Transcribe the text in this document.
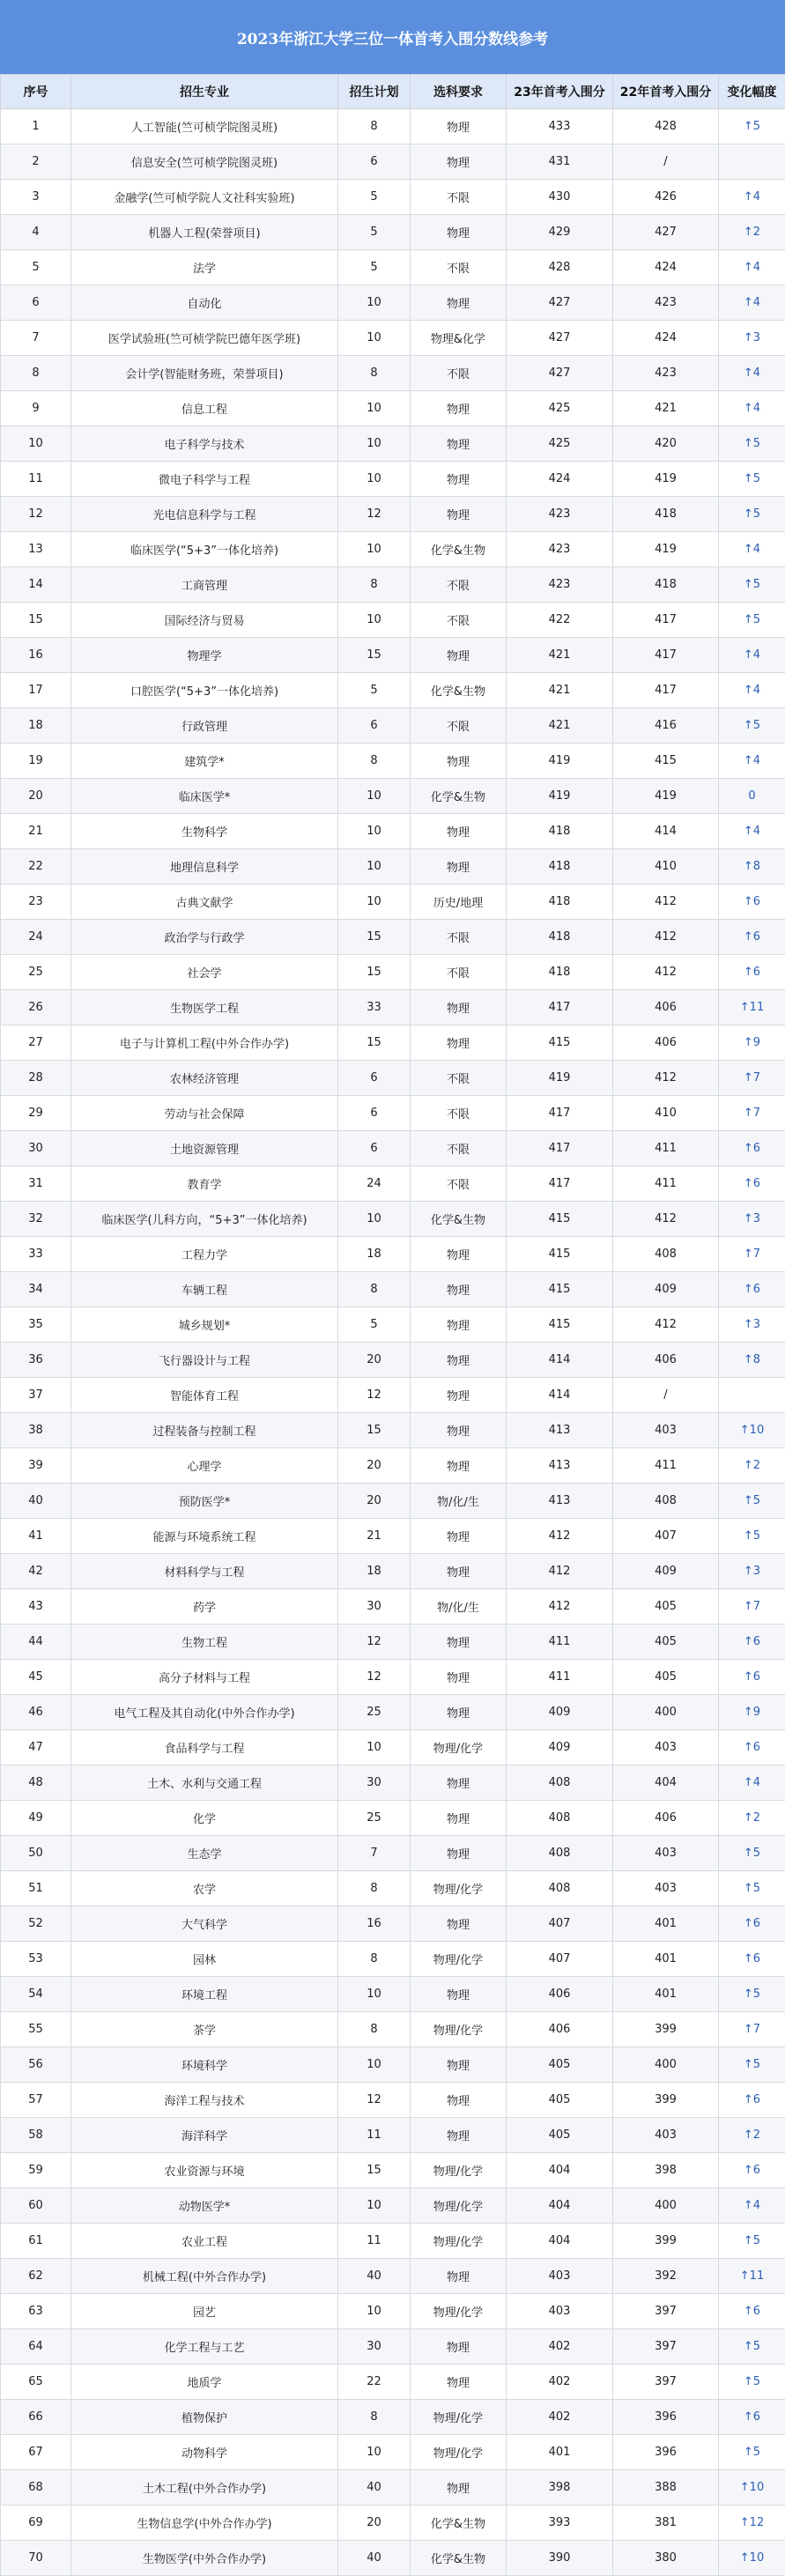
2023年浙江大学三位一体首考入围分数线参考
序号	招生专业	招生计划	选科要求	23年首考入围分	22年首考入围分	变化幅度
1	人工智能(竺可桢学院图灵班)	8	物理	433	428	↑5
2	信息安全(竺可桢学院图灵班)	6	物理	431	/	
3	金融学(竺可桢学院人文社科实验班)	5	不限	430	426	↑4
4	机器人工程(荣誉项目)	5	物理	429	427	↑2
5	法学	5	不限	428	424	↑4
6	自动化	10	物理	427	423	↑4
7	医学试验班(竺可桢学院巴德年医学班)	10	物理&化学	427	424	↑3
8	会计学(智能财务班，荣誉项目)	8	不限	427	423	↑4
9	信息工程	10	物理	425	421	↑4
10	电子科学与技术	10	物理	425	420	↑5
11	微电子科学与工程	10	物理	424	419	↑5
12	光电信息科学与工程	12	物理	423	418	↑5
13	临床医学(“5+3”一体化培养)	10	化学&生物	423	419	↑4
14	工商管理	8	不限	423	418	↑5
15	国际经济与贸易	10	不限	422	417	↑5
16	物理学	15	物理	421	417	↑4
17	口腔医学(“5+3”一体化培养)	5	化学&生物	421	417	↑4
18	行政管理	6	不限	421	416	↑5
19	建筑学*	8	物理	419	415	↑4
20	临床医学*	10	化学&生物	419	419	0
21	生物科学	10	物理	418	414	↑4
22	地理信息科学	10	物理	418	410	↑8
23	古典文献学	10	历史/地理	418	412	↑6
24	政治学与行政学	15	不限	418	412	↑6
25	社会学	15	不限	418	412	↑6
26	生物医学工程	33	物理	417	406	↑11
27	电子与计算机工程(中外合作办学)	15	物理	415	406	↑9
28	农林经济管理	6	不限	419	412	↑7
29	劳动与社会保障	6	不限	417	410	↑7
30	土地资源管理	6	不限	417	411	↑6
31	教育学	24	不限	417	411	↑6
32	临床医学(儿科方向，“5+3”一体化培养)	10	化学&生物	415	412	↑3
33	工程力学	18	物理	415	408	↑7
34	车辆工程	8	物理	415	409	↑6
35	城乡规划*	5	物理	415	412	↑3
36	飞行器设计与工程	20	物理	414	406	↑8
37	智能体育工程	12	物理	414	/	
38	过程装备与控制工程	15	物理	413	403	↑10
39	心理学	20	物理	413	411	↑2
40	预防医学*	20	物/化/生	413	408	↑5
41	能源与环境系统工程	21	物理	412	407	↑5
42	材料科学与工程	18	物理	412	409	↑3
43	药学	30	物/化/生	412	405	↑7
44	生物工程	12	物理	411	405	↑6
45	高分子材料与工程	12	物理	411	405	↑6
46	电气工程及其自动化(中外合作办学)	25	物理	409	400	↑9
47	食品科学与工程	10	物理/化学	409	403	↑6
48	土木、水利与交通工程	30	物理	408	404	↑4
49	化学	25	物理	408	406	↑2
50	生态学	7	物理	408	403	↑5
51	农学	8	物理/化学	408	403	↑5
52	大气科学	16	物理	407	401	↑6
53	园林	8	物理/化学	407	401	↑6
54	环境工程	10	物理	406	401	↑5
55	茶学	8	物理/化学	406	399	↑7
56	环境科学	10	物理	405	400	↑5
57	海洋工程与技术	12	物理	405	399	↑6
58	海洋科学	11	物理	405	403	↑2
59	农业资源与环境	15	物理/化学	404	398	↑6
60	动物医学*	10	物理/化学	404	400	↑4
61	农业工程	11	物理/化学	404	399	↑5
62	机械工程(中外合作办学)	40	物理	403	392	↑11
63	园艺	10	物理/化学	403	397	↑6
64	化学工程与工艺	30	物理	402	397	↑5
65	地质学	22	物理	402	397	↑5
66	植物保护	8	物理/化学	402	396	↑6
67	动物科学	10	物理/化学	401	396	↑5
68	土木工程(中外合作办学)	40	物理	398	388	↑10
69	生物信息学(中外合作办学)	20	化学&生物	393	381	↑12
70	生物医学(中外合作办学)	40	化学&生物	390	380	↑10
